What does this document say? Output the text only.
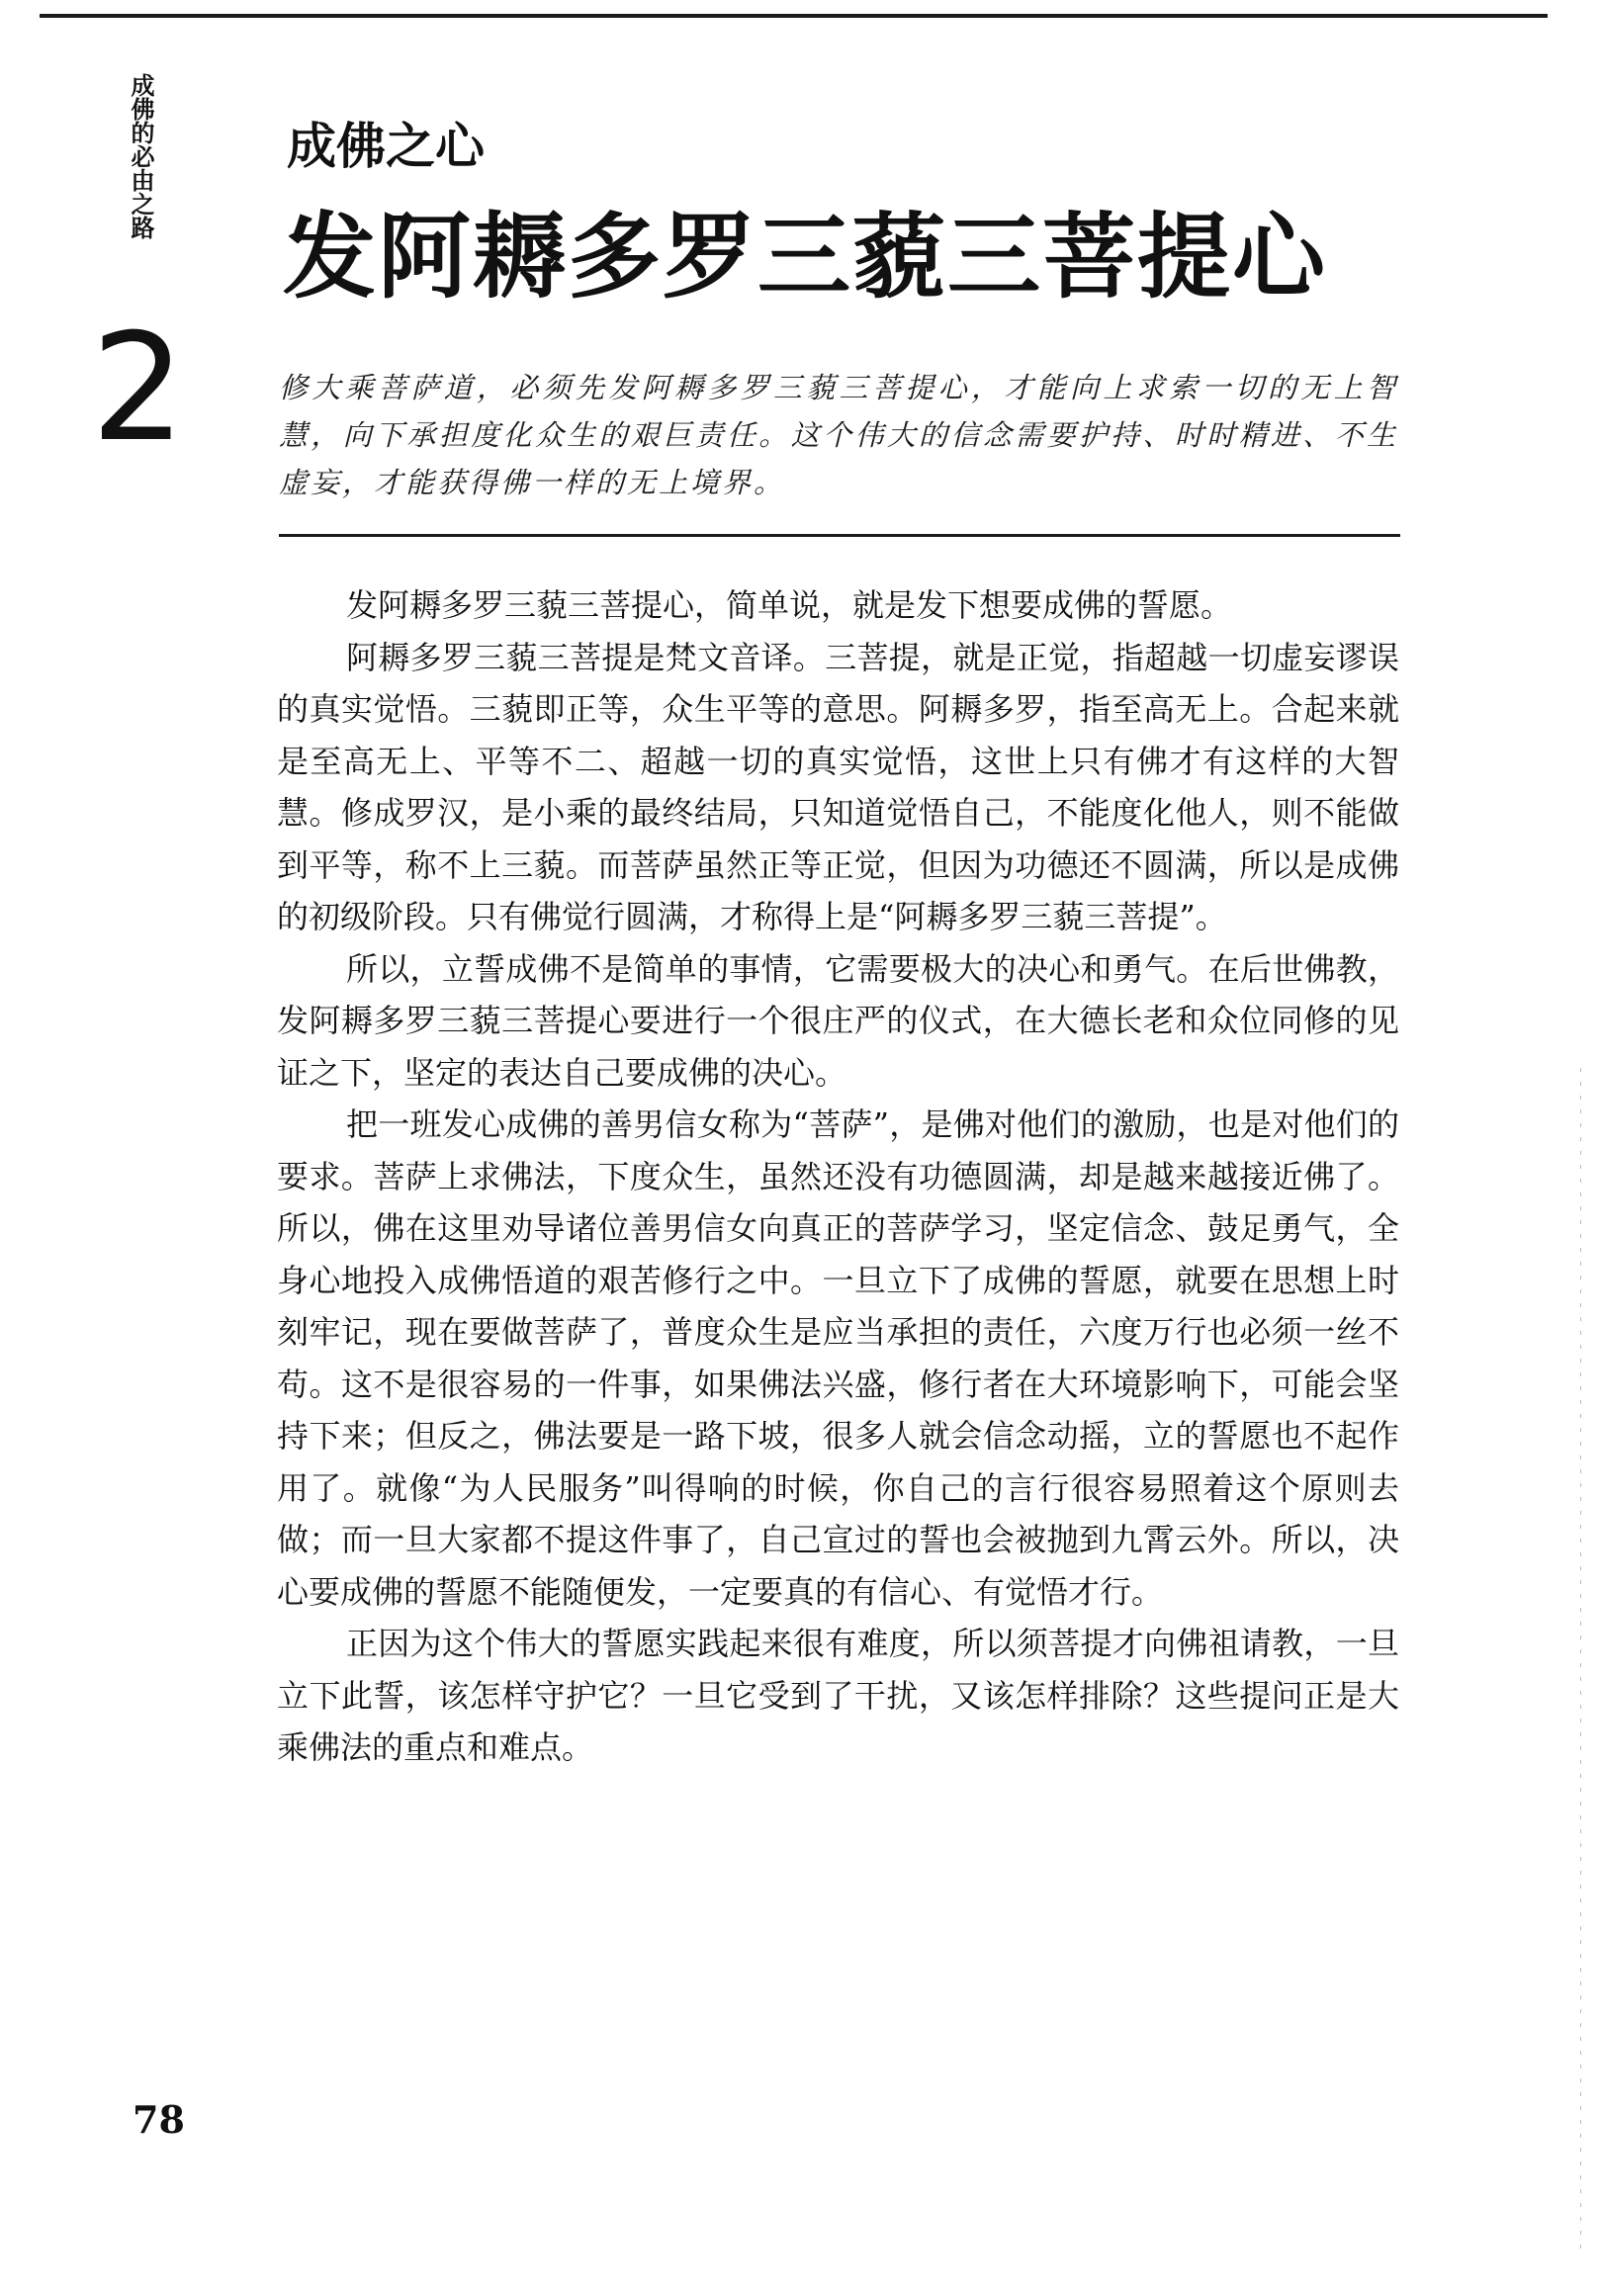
成佛的必由之路
2
成佛之心
发阿耨多罗三藐三菩提心
修大乘菩萨道，必须先发阿耨多罗三藐三菩提心，才能向上求索一切的无上智慧，向下承担度化众生的艰巨责任。这个伟大的信念需要护持、时时精进、不生虚妄，才能获得佛一样的无上境界。

发阿耨多罗三藐三菩提心，简单说，就是发下想要成佛的誓愿。

阿耨多罗三藐三菩提是梵文音译。三菩提，就是正觉，指超越一切虚妄谬误的真实觉悟。三藐即正等，众生平等的意思。阿耨多罗，指至高无上。合起来就是至高无上、平等不二、超越一切的真实觉悟，这世上只有佛才有这样的大智慧。修成罗汉，是小乘的最终结局，只知道觉悟自己，不能度化他人，则不能做到平等，称不上三藐。而菩萨虽然正等正觉，但因为功德还不圆满，所以是成佛的初级阶段。只有佛觉行圆满，才称得上是“阿耨多罗三藐三菩提”。

所以，立誓成佛不是简单的事情，它需要极大的决心和勇气。在后世佛教，发阿耨多罗三藐三菩提心要进行一个很庄严的仪式，在大德长老和众位同修的见证之下，坚定的表达自己要成佛的决心。

把一班发心成佛的善男信女称为“菩萨”，是佛对他们的激励，也是对他们的要求。菩萨上求佛法，下度众生，虽然还没有功德圆满，却是越来越接近佛了。所以，佛在这里劝导诸位善男信女向真正的菩萨学习，坚定信念、鼓足勇气，全身心地投入成佛悟道的艰苦修行之中。一旦立下了成佛的誓愿，就要在思想上时刻牢记，现在要做菩萨了，普度众生是应当承担的责任，六度万行也必须一丝不苟。这不是很容易的一件事，如果佛法兴盛，修行者在大环境影响下，可能会坚持下来；但反之，佛法要是一路下坡，很多人就会信念动摇，立的誓愿也不起作用了。就像“为人民服务”叫得响的时候，你自己的言行很容易照着这个原则去做；而一旦大家都不提这件事了，自己宣过的誓也会被抛到九霄云外。所以，决心要成佛的誓愿不能随便发，一定要真的有信心、有觉悟才行。

正因为这个伟大的誓愿实践起来很有难度，所以须菩提才向佛祖请教，一旦立下此誓，该怎样守护它？一旦它受到了干扰，又该怎样排除？这些提问正是大乘佛法的重点和难点。

78
